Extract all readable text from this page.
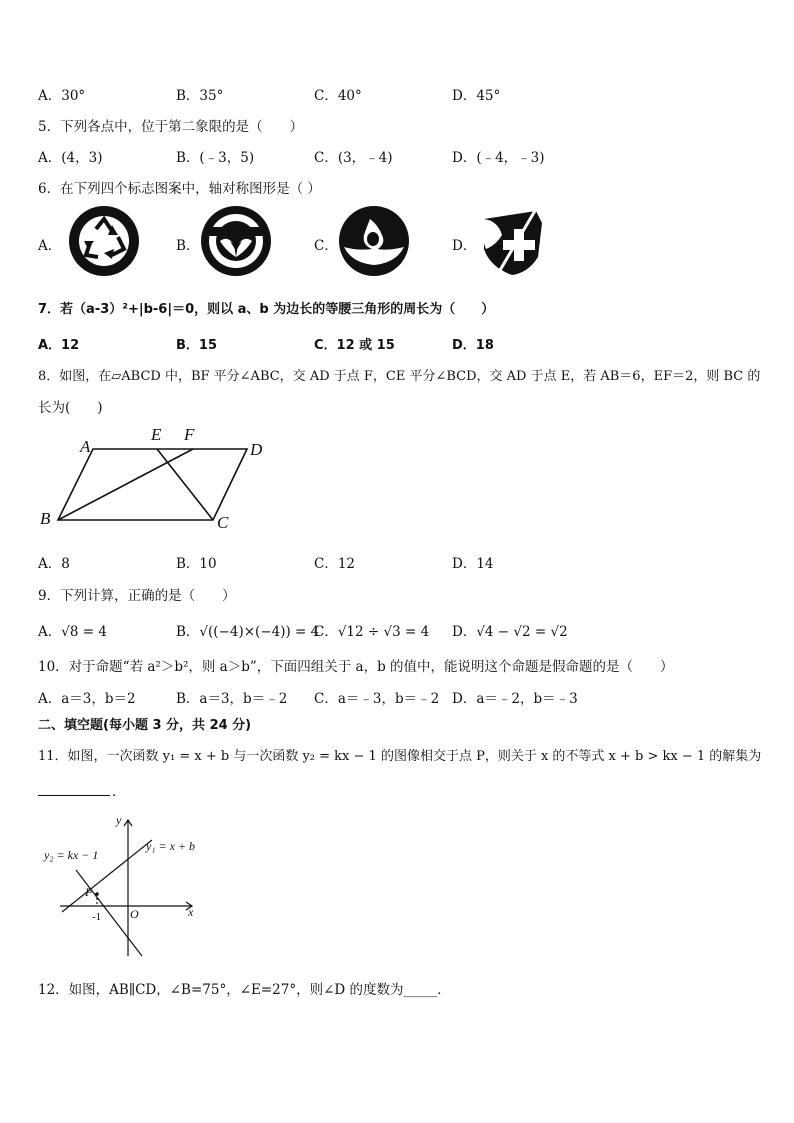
A．30°	B．35°	C．40°	D．45°
5．下列各点中，位于第二象限的是（　　）
A．(4，3)	B．(﹣3，5)	C．(3，﹣4)	D．(﹣4，﹣3)
6．在下列四个标志图案中，轴对称图形是（ ）
A．	B．	C．	D．
7．若（a-3）²+|b-6|＝0，则以 a、b 为边长的等腰三角形的周长为（　　）
A．12	B．15	C．12 或 15	D．18
8．如图，在▱ABCD 中，BF 平分∠ABC，交 AD 于点 F，CE 平分∠BCD，交 AD 于点 E，若 AB＝6，EF＝2，则 BC 的
长为(　　)
A
E F
D
B	C
A．8	B．10	C．12	D．14
9．下列计算，正确的是（　　）
A．√8 = 4	B．√((−4)×(−4)) = 4
C．√12 ÷ √3 = 4 D．√4 − √2 = √2
10．对于命题“若 a²＞b²，则 a＞b”，下面四组关于 a，b 的值中，能说明这个命题是假命题的是（　　）
A．a＝3，b＝2	B．a＝3，b＝﹣2 C．a＝﹣3，b＝﹣2 D．a＝﹣2，b＝﹣3
二、填空题(每小题 3 分，共 24 分)
11．如图，一次函数 y₁ = x + b 与一次函数 y₂ = kx − 1 的图像相交于点 P，则关于 x 的不等式 x + b > kx − 1 的解集为
．
y
x
O
P
y₁ = x + b
y₂ = kx − 1
-1
12．如图，AB∥CD，∠B=75°，∠E=27°，则∠D 的度数为_____．
